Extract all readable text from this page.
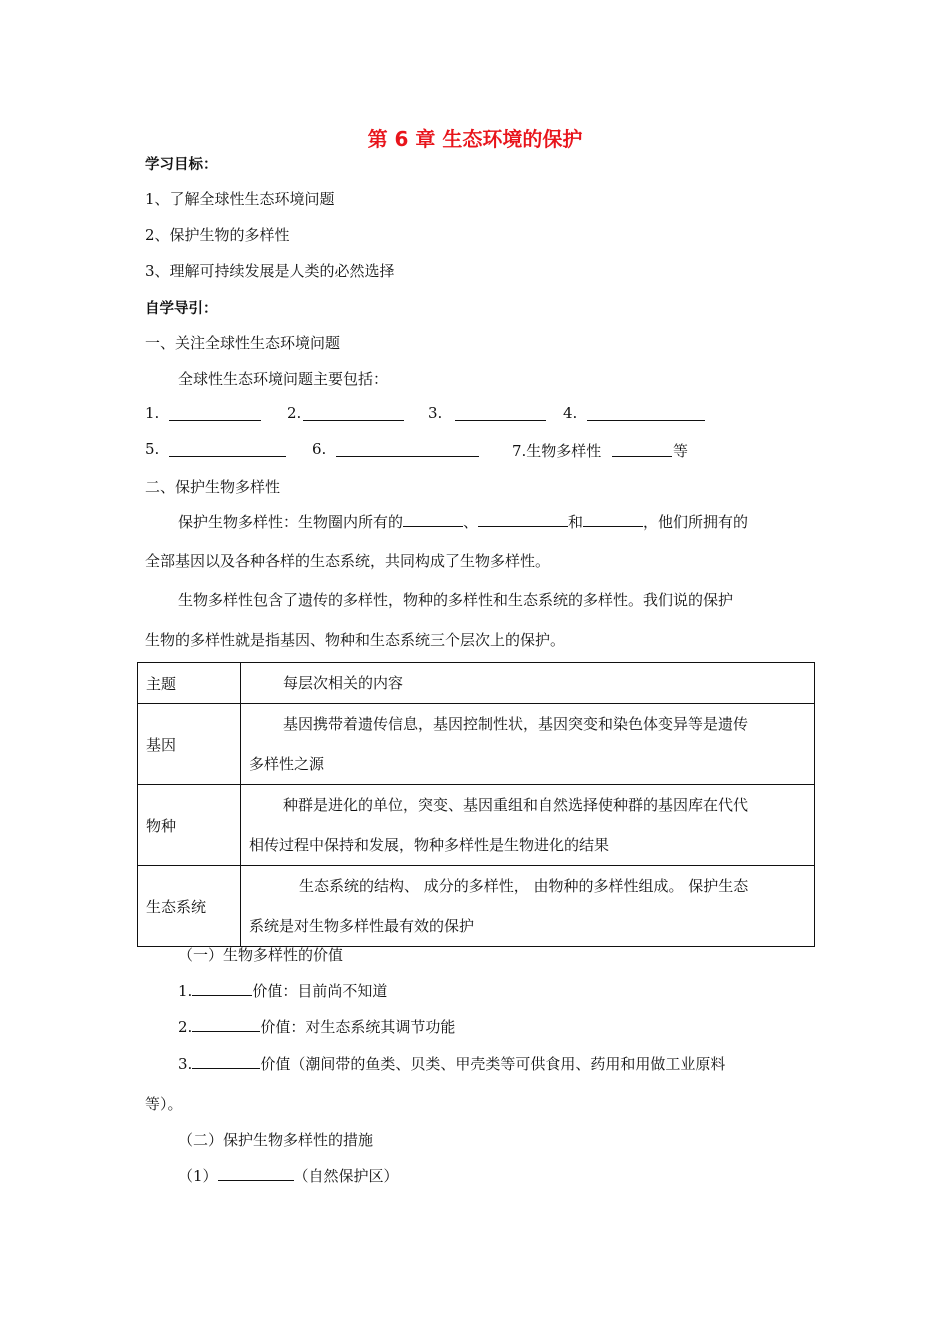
第 6 章 生态环境的保护
学习目标：
1、了解全球性生态环境问题
2、保护生物的多样性
3、理解可持续发展是人类的必然选择
自学导引：
一、关注全球性生态环境问题
全球性生态环境问题主要包括：
1.	2.	3.	4.
5.	6.	7.生物多样性	等
二、保护生物多样性
保护生物多样性：生物圈内所有的	、	和	，他们所拥有的
全部基因以及各种各样的生态系统，共同构成了生物多样性。
生物多样性包含了遗传的多样性，物种的多样性和生态系统的多样性。我们说的保护
生物的多样性就是指基因、物种和生态系统三个层次上的保护。
主题	每层次相关的内容
基因	基因携带着遗传信息，基因控制性状，基因突变和染色体变异等是遗传
多样性之源
物种	种群是进化的单位，突变、基因重组和自然选择使种群的基因库在代代
相传过程中保持和发展，物种多样性是生物进化的结果
生态系统	生态系统的结构、 成分的多样性， 由物种的多样性组成。 保护生态
系统是对生物多样性最有效的保护
（一）生物多样性的价值
1.	价值：目前尚不知道
2.	价值：对生态系统其调节功能
3.	价值（潮间带的鱼类、贝类、甲壳类等可供食用、药用和用做工业原料
等）。
（二）保护生物多样性的措施
（1）	（自然保护区）
